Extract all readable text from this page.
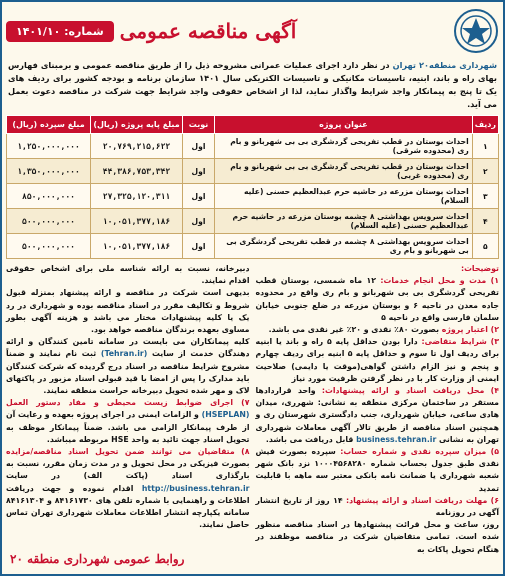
آگهی مناقصه عمومی
شماره: ۱۴۰۱/۱۰

شهرداری منطقه۲۰ تهران در نظر دارد اجرای عملیات عمرانی مشروحه ذیل را از طریق مناقصه عمومی و برمبنای فهارس بهای راه و باند، ابنیه، تاسیسات مکانیکی و تاسیسات الکتریکی سال ۱۴۰۱ سازمان برنامه و بودجه کشور برای ردیف های یک تا پنج به پیمانکار واجد شرایط واگذار نماید، لذا از اشخاص حقوقی واجد شرایط جهت شرکت در مناقصه دعوت بعمل می آید.

ردیف	عنوان پروژه	نوبت	مبلغ پایه پروژه (ریال)	مبلغ سپرده (ریال)
۱	احداث بوستان در قطب تفریحی گردشگری بی بی شهربانو و بام ری (محدوده شرقی)	اول	۲۰,۷۶۹,۲۱۵,۶۲۲	۱,۲۵۰,۰۰۰,۰۰۰
۲	احداث بوستان در قطب تفریحی گردشگری بی بی شهربانو و بام ری (محدوده غربی)	اول	۴۴,۳۸۶,۷۵۳,۳۴۲	۱,۳۵۰,۰۰۰,۰۰۰
۳	احداث بوستان مزرعه در حاشیه حرم عبدالعظیم حسنی (علیه السلام)	اول	۲۷,۳۲۵,۱۲۰,۳۱۱	۸۵۰,۰۰۰,۰۰۰
۴	احداث سرویس بهداشتی ۸ چشمه بوستان مزرعه در حاشیه حرم عبدالعظیم حسنی (علیه السلام)	اول	۱۰,۰۵۱,۳۷۷,۱۸۶	۵۰۰,۰۰۰,۰۰۰
۵	احداث سرویس بهداشتی ۸ چشمه در قطب تفریحی گردشگری بی بی شهربانو و بام ری	اول	۱۰,۰۵۱,۳۷۷,۱۸۶	۵۰۰,۰۰۰,۰۰۰
توضیحات:

۱) مدت و محل انجام خدمات: ۱۲ ماه شمسی، بوستان قطب تفریحی گردشگری بی بی شهربانو و بام ری واقع در محدوده جاده معدن در ناحیه ۶ و بوستان مزرعه در ضلع جنوبی خیابان سلمان فارسی واقع در ناحیه ۵

۲) اعتبار پروژه بصورت ۸۰٪ نقدی و ۲۰٪ غیر نقدی می باشد.

۳) شرایط متقاضی: دارا بودن حداقل پایه ۵ راه و باند یا ابنیه برای ردیف اول تا سوم و حداقل پایه ۵ ابنیه برای ردیف چهارم و پنجم و نیز الزام داشتن گواهی(موقت یا دایمی) صلاحیت ایمنی از وزارت کار با در نظر گرفتن ظرفیت مورد نیاز

۴) محل دریافت اسناد و ارائه پیشنهادات: واحد قراردادها مستقر در ساختمان مرکزی منطقه به نشانی: شهرری، میدان هادی ساعی، خیابان شهرداری، جنب دادگستری شهرستان ری و همچنین اسناد مناقصه از طریق تالار آگهی معاملات شهرداری تهران به نشانی business.tehran.ir قابل دریافت می باشد.

۵) میزان سپرده نقدی و شماره حساب: سپرده بصورت فیش نقدی طبق جدول بحساب شماره ۱۰۰۰۴۵۶۸۲۸۰ نزد بانک شهر شعبه شهرداری یا ضمانت نامه بانکی معتبر سه ماهه با قابلیت تمدید

۶) مهلت دریافت اسناد و ارائه پیشنهاد: ۱۴ روز از تاریخ انتشار آگهی در روزنامه

روز، ساعت و محل قرائت پیشنهادها در اسناد مناقصه منظور شده است. تمامی متقاضیان شرکت در مناقصه موظفند در هنگام تحویل پاکات به

دبیرخانه، نسبت به ارائه شناسه ملی برای اشخاص حقوقی اقدام نمایند.

بدیهی است شرکت در مناقصه و ارائه پیشنهاد بمنزله قبول شروط و تکالیف مقرر در اسناد مناقصه بوده و شهرداری در رد یک یا کلیه پیشنهادات مختار می باشد و هزینه آگهی بطور مساوی بعهده برندگان مناقصه خواهد بود.

کلیه پیمانکاران می بایست در سامانه تامین کنندگان و ارائه دهندگان خدمت از سایت (Tehran.ir) ثبت نام نمایند و ضمناً مشروح شرایط مناقصه در اسناد درج گردیده که شرکت کنندگان باید مدارک را پس از امضا با قید قبولی اسناد مزبور در پاکتهای لاک و مهر شده تحویل دبیرخانه حراست منطقه نمایند.

۷) اجرای ضوابط زیست محیطی و مفاد دستور العمل (HSEPLAN) و الزامات ایمنی در اجرای پروژه بعهده و رعایت آن از طرف پیمانکار الزامی می باشد. ضمناً پیمانکار موظف به تحویل اسناد جهت تائید به واحد HSE مربوطه میباشد.

۸) متقاضیان می توانند ضمن تحویل اسناد مناقصه/مزایده بصورت فیزیکی در محل تحویل و در مدت زمان مقرر، نسبت به بارگذاری اسناد (پاکت الف) در سایت http://business.tehran.ir اقدام نموده و جهت دریافت اطلاعات و راهنمایی با شماره تلفن های ۸۴۱۶۱۷۳۰ و ۸۴۱۶۱۳۰۴ سامانه یکپارچه انتشار اطلاعات معاملات شهرداری تهران تماس حاصل نمایند.

روابط عمومی شهرداری منطقه ۲۰
